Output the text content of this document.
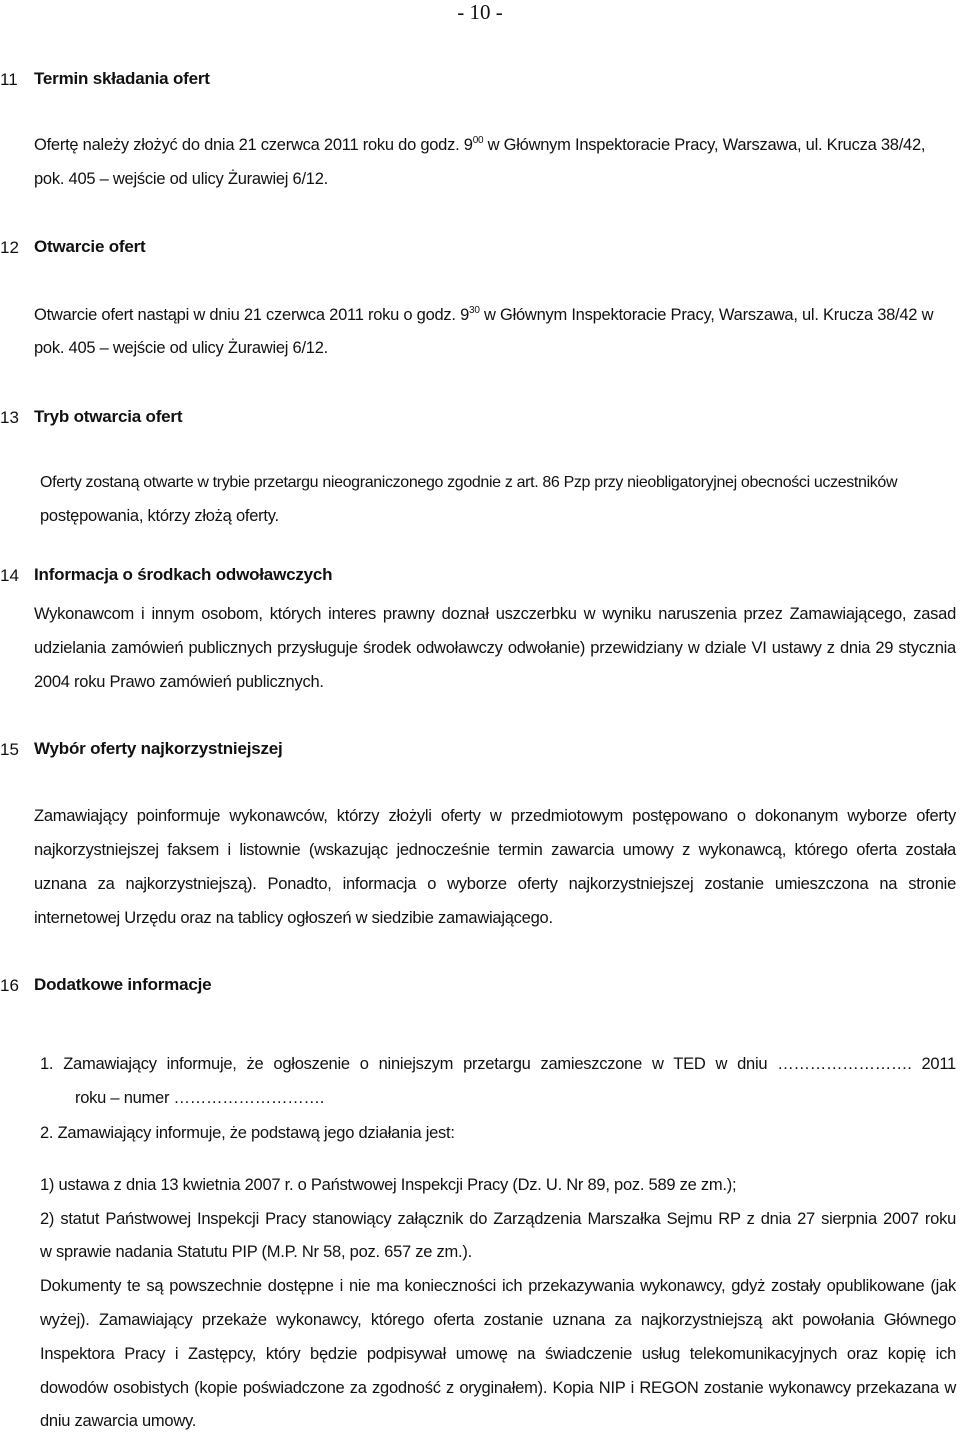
- 10 -
11 Termin składania ofert
Ofertę należy złożyć do dnia 21 czerwca 2011 roku do godz. $9^{00}$ w Głównym Inspektoracie Pracy, Warszawa, ul. Krucza 38/42,
pok. 405 – wejście od ulicy Żurawiej 6/12.
12 Otwarcie ofert
Otwarcie ofert nastąpi w dniu 21 czerwca 2011 roku o godz. $9^{30}$ w Głównym Inspektoracie Pracy, Warszawa, ul. Krucza 38/42 w
pok. 405 – wejście od ulicy Żurawiej 6/12.
13 Tryb otwarcia ofert
Oferty zostaną otwarte w trybie przetargu nieograniczonego zgodnie z art. 86 Pzp przy nieobligatoryjnej obecności uczestników
postępowania, którzy złożą oferty.
14 Informacja o środkach odwoławczych
Wykonawcom i innym osobom, których interes prawny doznał uszczerbku w wyniku naruszenia przez Zamawiającego, zasad
udzielania zamówień publicznych przysługuje środek odwoławczy odwołanie) przewidziany w dziale VI ustawy z dnia 29 stycznia
2004 roku Prawo zamówień publicznych.
15 Wybór oferty najkorzystniejszej
Zamawiający poinformuje wykonawców, którzy złożyli oferty w przedmiotowym postępowano o dokonanym wyborze oferty
najkorzystniejszej faksem i listownie (wskazując jednocześnie termin zawarcia umowy z wykonawcą, którego oferta została
uznana za najkorzystniejszą). Ponadto, informacja o wyborze oferty najkorzystniejszej zostanie umieszczona na stronie
internetowej Urzędu oraz na tablicy ogłoszeń w siedzibie zamawiającego.
16 Dodatkowe informacje
1. Zamawiający informuje, że ogłoszenie o niniejszym przetargu zamieszczone w TED w dniu ……………………. 2011
roku – numer ……………………….
2. Zamawiający informuje, że podstawą jego działania jest:
1) ustawa z dnia 13 kwietnia 2007 r. o Państwowej Inspekcji Pracy (Dz. U. Nr 89, poz. 589 ze zm.);
2) statut Państwowej Inspekcji Pracy stanowiący załącznik do Zarządzenia Marszałka Sejmu RP z dnia 27 sierpnia 2007 roku
w sprawie nadania Statutu PIP (M.P. Nr 58, poz. 657 ze zm.).
Dokumenty te są powszechnie dostępne i nie ma konieczności ich przekazywania wykonawcy, gdyż zostały opublikowane (jak
wyżej). Zamawiający przekaże wykonawcy, którego oferta zostanie uznana za najkorzystniejszą akt powołania Głównego
Inspektora Pracy i Zastępcy, który będzie podpisywał umowę na świadczenie usług telekomunikacyjnych oraz kopię ich
dowodów osobistych (kopie poświadczone za zgodność z oryginałem). Kopia NIP i REGON zostanie wykonawcy przekazana w
dniu zawarcia umowy.
